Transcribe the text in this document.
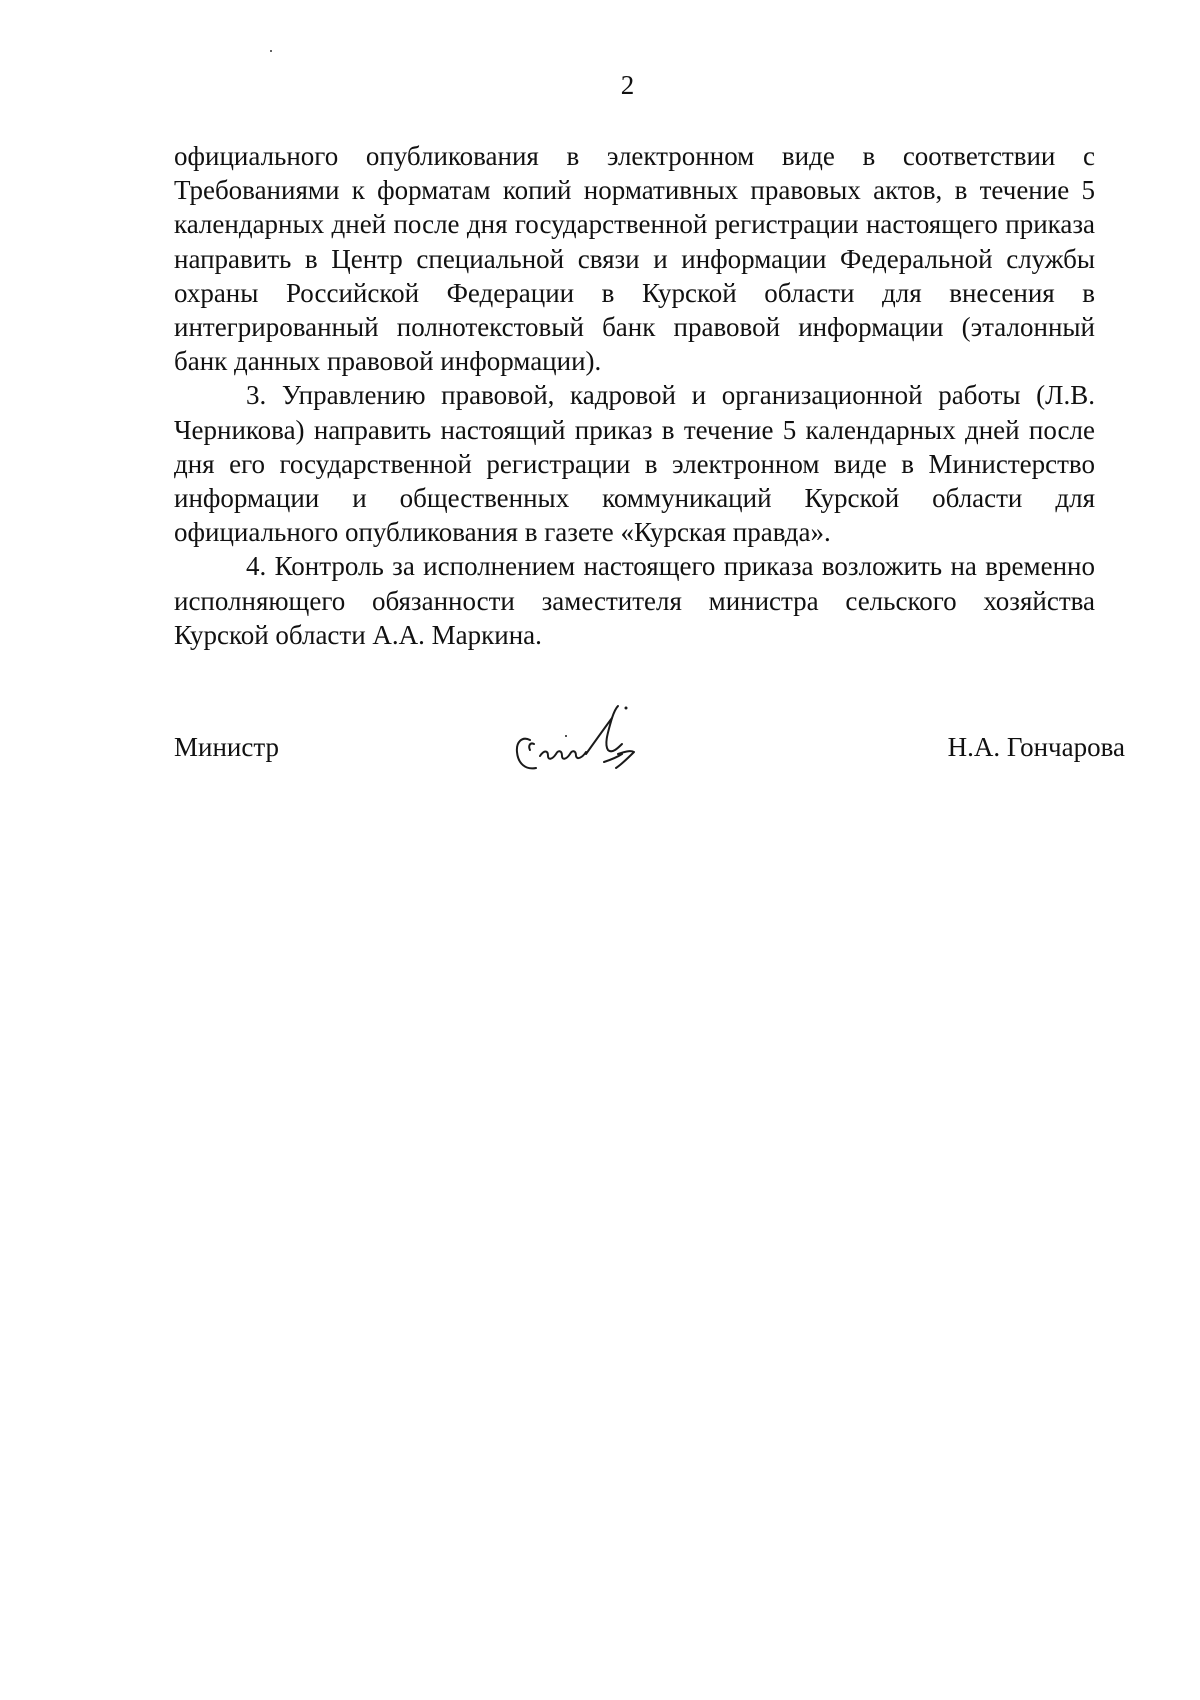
2

официального опубликования в электронном виде в соответствии с Требованиями к форматам копий нормативных правовых актов, в течение 5 календарных дней после дня государственной регистрации настоящего приказа направить в Центр специальной связи и информации Федеральной службы охраны Российской Федерации в Курской области для внесения в интегрированный полнотекстовый банк правовой информации (эталонный банк данных правовой информации).

3. Управлению правовой, кадровой и организационной работы (Л.В. Черникова) направить настоящий приказ в течение 5 календарных дней после дня его государственной регистрации в электронном виде в Министерство информации и общественных коммуникаций Курской области для официального опубликования в газете «Курская правда».

4. Контроль за исполнением настоящего приказа возложить на временно исполняющего обязанности заместителя министра сельского хозяйства Курской области А.А. Маркина.

Министр	Н.А. Гончарова
